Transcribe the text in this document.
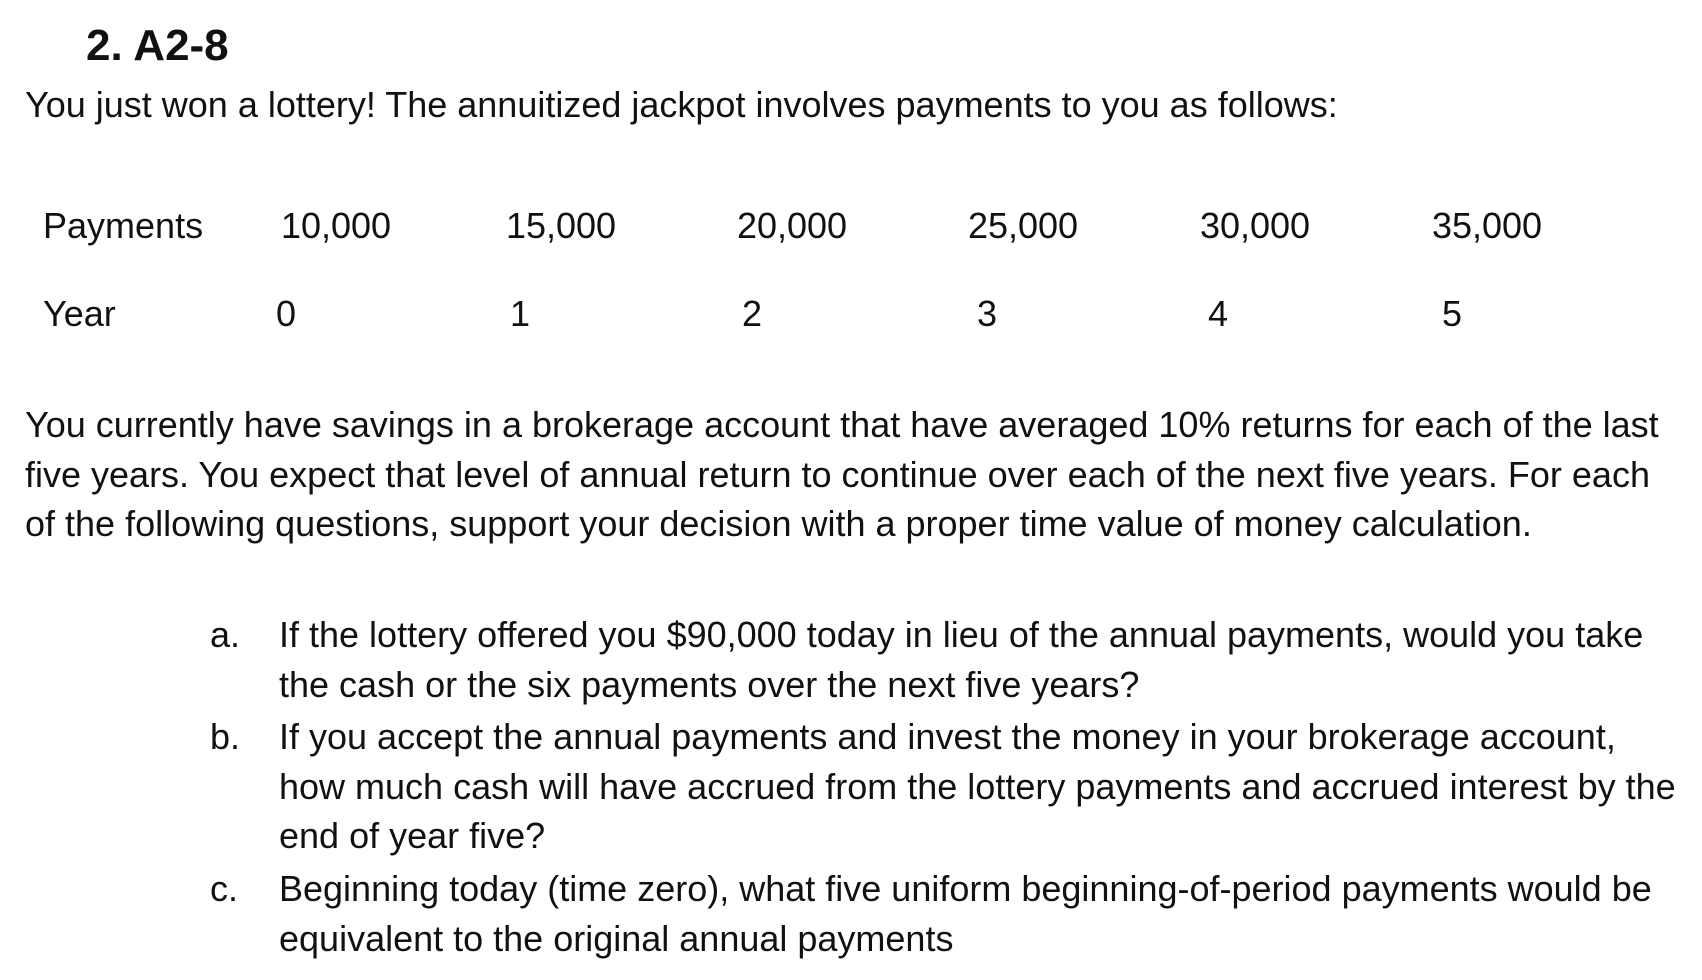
2. A2-8
You just won a lottery! The annuitized jackpot involves payments to you as follows:
Payments	10,000	15,000	20,000	25,000	30,000	35,000
Year	0	1	2	3	4	5
You currently have savings in a brokerage account that have averaged 10% returns for each of the last five years. You expect that level of annual return to continue over each of the next five years. For each of the following questions, support your decision with a proper time value of money calculation.
a.	If the lottery offered you $90,000 today in lieu of the annual payments, would you take the cash or the six payments over the next five years?
b.	If you accept the annual payments and invest the money in your brokerage account, how much cash will have accrued from the lottery payments and accrued interest by the end of year five?
c.	Beginning today (time zero), what five uniform beginning-of-period payments would be equivalent to the original annual payments
